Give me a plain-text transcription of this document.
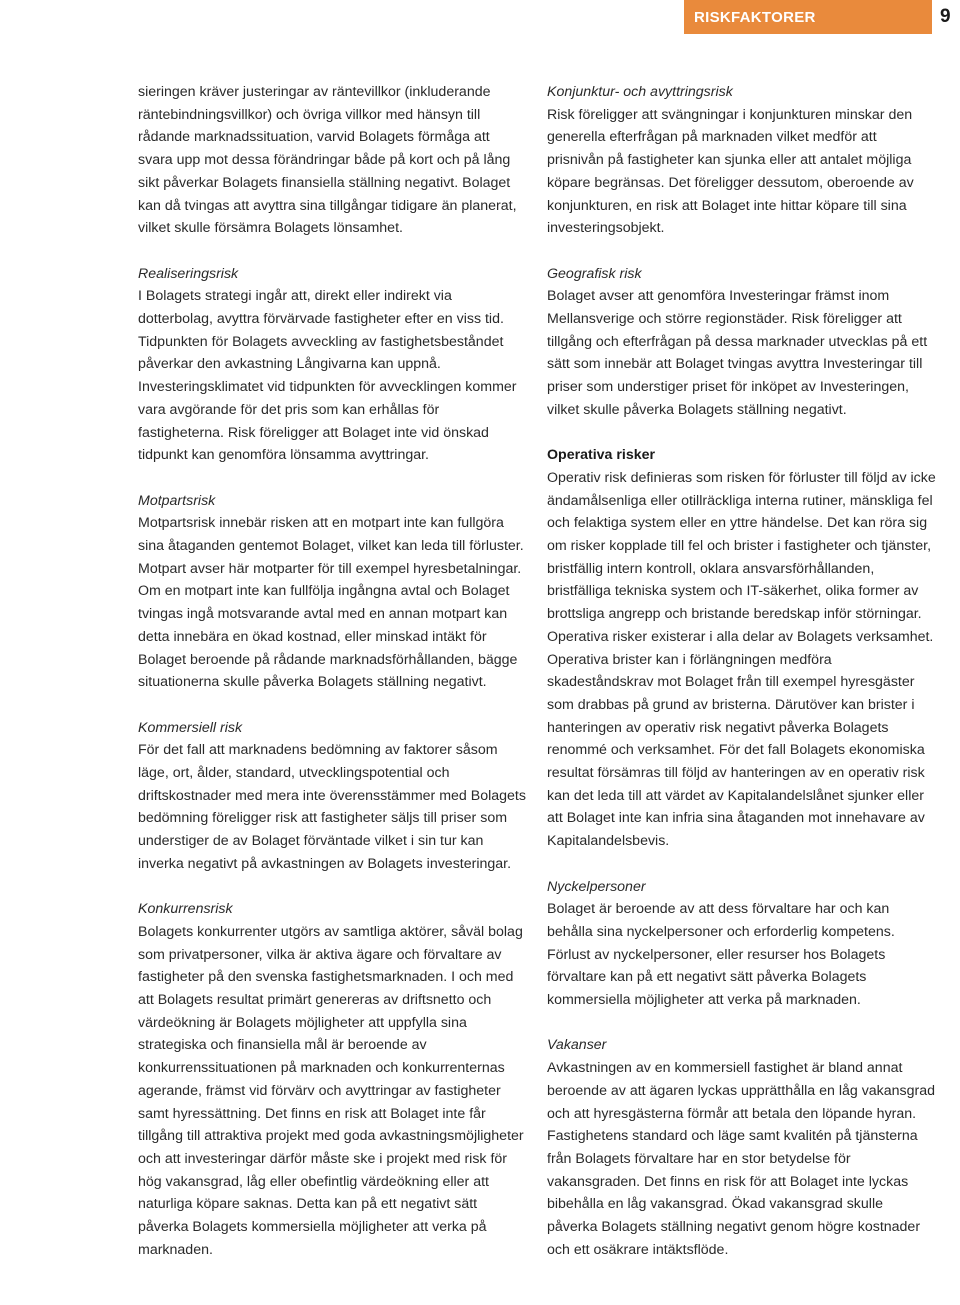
RISKFAKTORER	9

sieringen kräver justeringar av räntevillkor (inkluderande räntebindningsvillkor) och övriga villkor med hänsyn till rådande marknadssituation, varvid Bolagets förmåga att svara upp mot dessa förändringar både på kort och på lång sikt påverkar Bolagets finansiella ställning negativt. Bolaget kan då tvingas att avyttra sina tillgångar tidigare än planerat, vilket skulle försämra Bolagets lönsamhet.

Realiseringsrisk

I Bolagets strategi ingår att, direkt eller indirekt via dotterbolag, avyttra förvärvade fastigheter efter en viss tid. Tidpunkten för Bolagets avveckling av fastighetsbeståndet påverkar den avkastning Långivarna kan uppnå. Investeringsklimatet vid tidpunkten för avvecklingen kommer vara avgörande för det pris som kan erhållas för fastigheterna. Risk föreligger att Bolaget inte vid önskad tidpunkt kan genomföra lönsamma avyttringar.

Motpartsrisk

Motpartsrisk innebär risken att en motpart inte kan fullgöra sina åtaganden gentemot Bolaget, vilket kan leda till förluster. Motpart avser här motparter för till exempel hyresbetalningar. Om en motpart inte kan fullfölja ingångna avtal och Bolaget tvingas ingå motsvarande avtal med en annan motpart kan detta innebära en ökad kostnad, eller minskad intäkt för Bolaget beroende på rådande marknadsförhållanden, bägge situationerna skulle påverka Bolagets ställning negativt.

Kommersiell risk

För det fall att marknadens bedömning av faktorer såsom läge, ort, ålder, standard, utvecklingspotential och driftskostnader med mera inte överensstämmer med Bolagets bedömning föreligger risk att fastigheter säljs till priser som understiger de av Bolaget förväntade vilket i sin tur kan inverka negativt på avkastningen av Bolagets investeringar.

Konkurrensrisk

Bolagets konkurrenter utgörs av samtliga aktörer, såväl bolag som privatpersoner, vilka är aktiva ägare och förvaltare av fastigheter på den svenska fastighetsmarknaden. I och med att Bolagets resultat primärt genereras av driftsnetto och värdeökning är Bolagets möjligheter att uppfylla sina strategiska och finansiella mål är beroende av konkurrenssituationen på marknaden och konkurrenternas agerande, främst vid förvärv och avyttringar av fastigheter samt hyressättning. Det finns en risk att Bolaget inte får tillgång till attraktiva projekt med goda avkastningsmöjligheter och att investeringar därför måste ske i projekt med risk för hög vakansgrad, låg eller obefintlig värdeökning eller att naturliga köpare saknas. Detta kan på ett negativt sätt påverka Bolagets kommersiella möjligheter att verka på marknaden.

Konjunktur- och avyttringsrisk

Risk föreligger att svängningar i konjunkturen minskar den generella efterfrågan på marknaden vilket medför att prisnivån på fastigheter kan sjunka eller att antalet möjliga köpare begränsas. Det föreligger dessutom, oberoende av konjunkturen, en risk att Bolaget inte hittar köpare till sina investeringsobjekt.

Geografisk risk

Bolaget avser att genomföra Investeringar främst inom Mellansverige och större regionstäder. Risk föreligger att tillgång och efterfrågan på dessa marknader utvecklas på ett sätt som innebär att Bolaget tvingas avyttra Investeringar till priser som understiger priset för inköpet av Investeringen, vilket skulle påverka Bolagets ställning negativt.

Operativa risker

Operativ risk definieras som risken för förluster till följd av icke ändamålsenliga eller otillräckliga interna rutiner, mänskliga fel och felaktiga system eller en yttre händelse. Det kan röra sig om risker kopplade till fel och brister i fastigheter och tjänster, bristfällig intern kontroll, oklara ansvarsförhållanden, bristfälliga tekniska system och IT-säkerhet, olika former av brottsliga angrepp och bristande beredskap inför störningar. Operativa risker existerar i alla delar av Bolagets verksamhet. Operativa brister kan i förlängningen medföra skadeståndskrav mot Bolaget från till exempel hyresgäster som drabbas på grund av bristerna. Därutöver kan brister i hanteringen av operativ risk negativt påverka Bolagets renommé och verksamhet. För det fall Bolagets ekonomiska resultat försämras till följd av hanteringen av en operativ risk kan det leda till att värdet av Kapitalandelslånet sjunker eller att Bolaget inte kan infria sina åtaganden mot innehavare av Kapitalandelsbevis.

Nyckelpersoner

Bolaget är beroende av att dess förvaltare har och kan behålla sina nyckelpersoner och erforderlig kompetens. Förlust av nyckelpersoner, eller resurser hos Bolagets förvaltare kan på ett negativt sätt påverka Bolagets kommersiella möjligheter att verka på marknaden.

Vakanser

Avkastningen av en kommersiell fastighet är bland annat beroende av att ägaren lyckas upprätthålla en låg vakansgrad och att hyresgästerna förmår att betala den löpande hyran. Fastighetens standard och läge samt kvalitén på tjänsterna från Bolagets förvaltare har en stor betydelse för vakansgraden. Det finns en risk för att Bolaget inte lyckas bibehålla en låg vakansgrad. Ökad vakansgrad skulle påverka Bolagets ställning negativt genom högre kostnader och ett osäkrare intäktsflöde.
